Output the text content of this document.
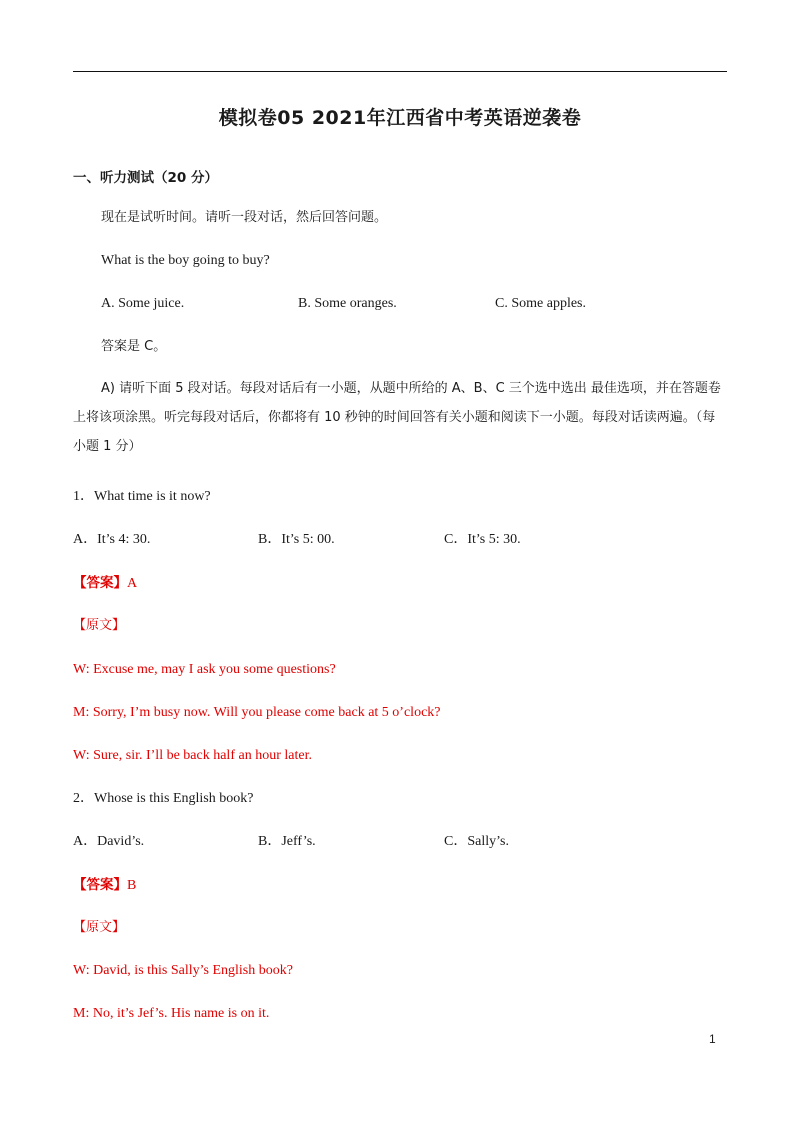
模拟卷05 2021年江西省中考英语逆袭卷
一、听力测试（20 分）
现在是试听时间。请听一段对话，然后回答问题。
What is the boy going to buy?
A. Some juice.	B. Some oranges.	C. Some apples.
答案是 C。
A) 请听下面 5 段对话。每段对话后有一小题，从题中所给的 A、B、C 三个选中选出 最佳选项，并在答题卷上将该项涂黑。听完每段对话后，你都将有 10 秒钟的时间回答有关小题和阅读下一小题。每段对话读两遍。（每小题 1 分）
1．What time is it now?
A．It’s 4: 30.	B．It’s 5: 00.	C．It’s 5: 30.
【答案】A
【原文】
W: Excuse me, may I ask you some questions?
M: Sorry, I’m busy now. Will you please come back at 5 o’clock?
W: Sure, sir. I’ll be back half an hour later.
2．Whose is this English book?
A．David’s.	B．Jeff’s.	C．Sally’s.
【答案】B
【原文】
W: David, is this Sally’s English book?
M: No, it’s Jef’s. His name is on it.
1
